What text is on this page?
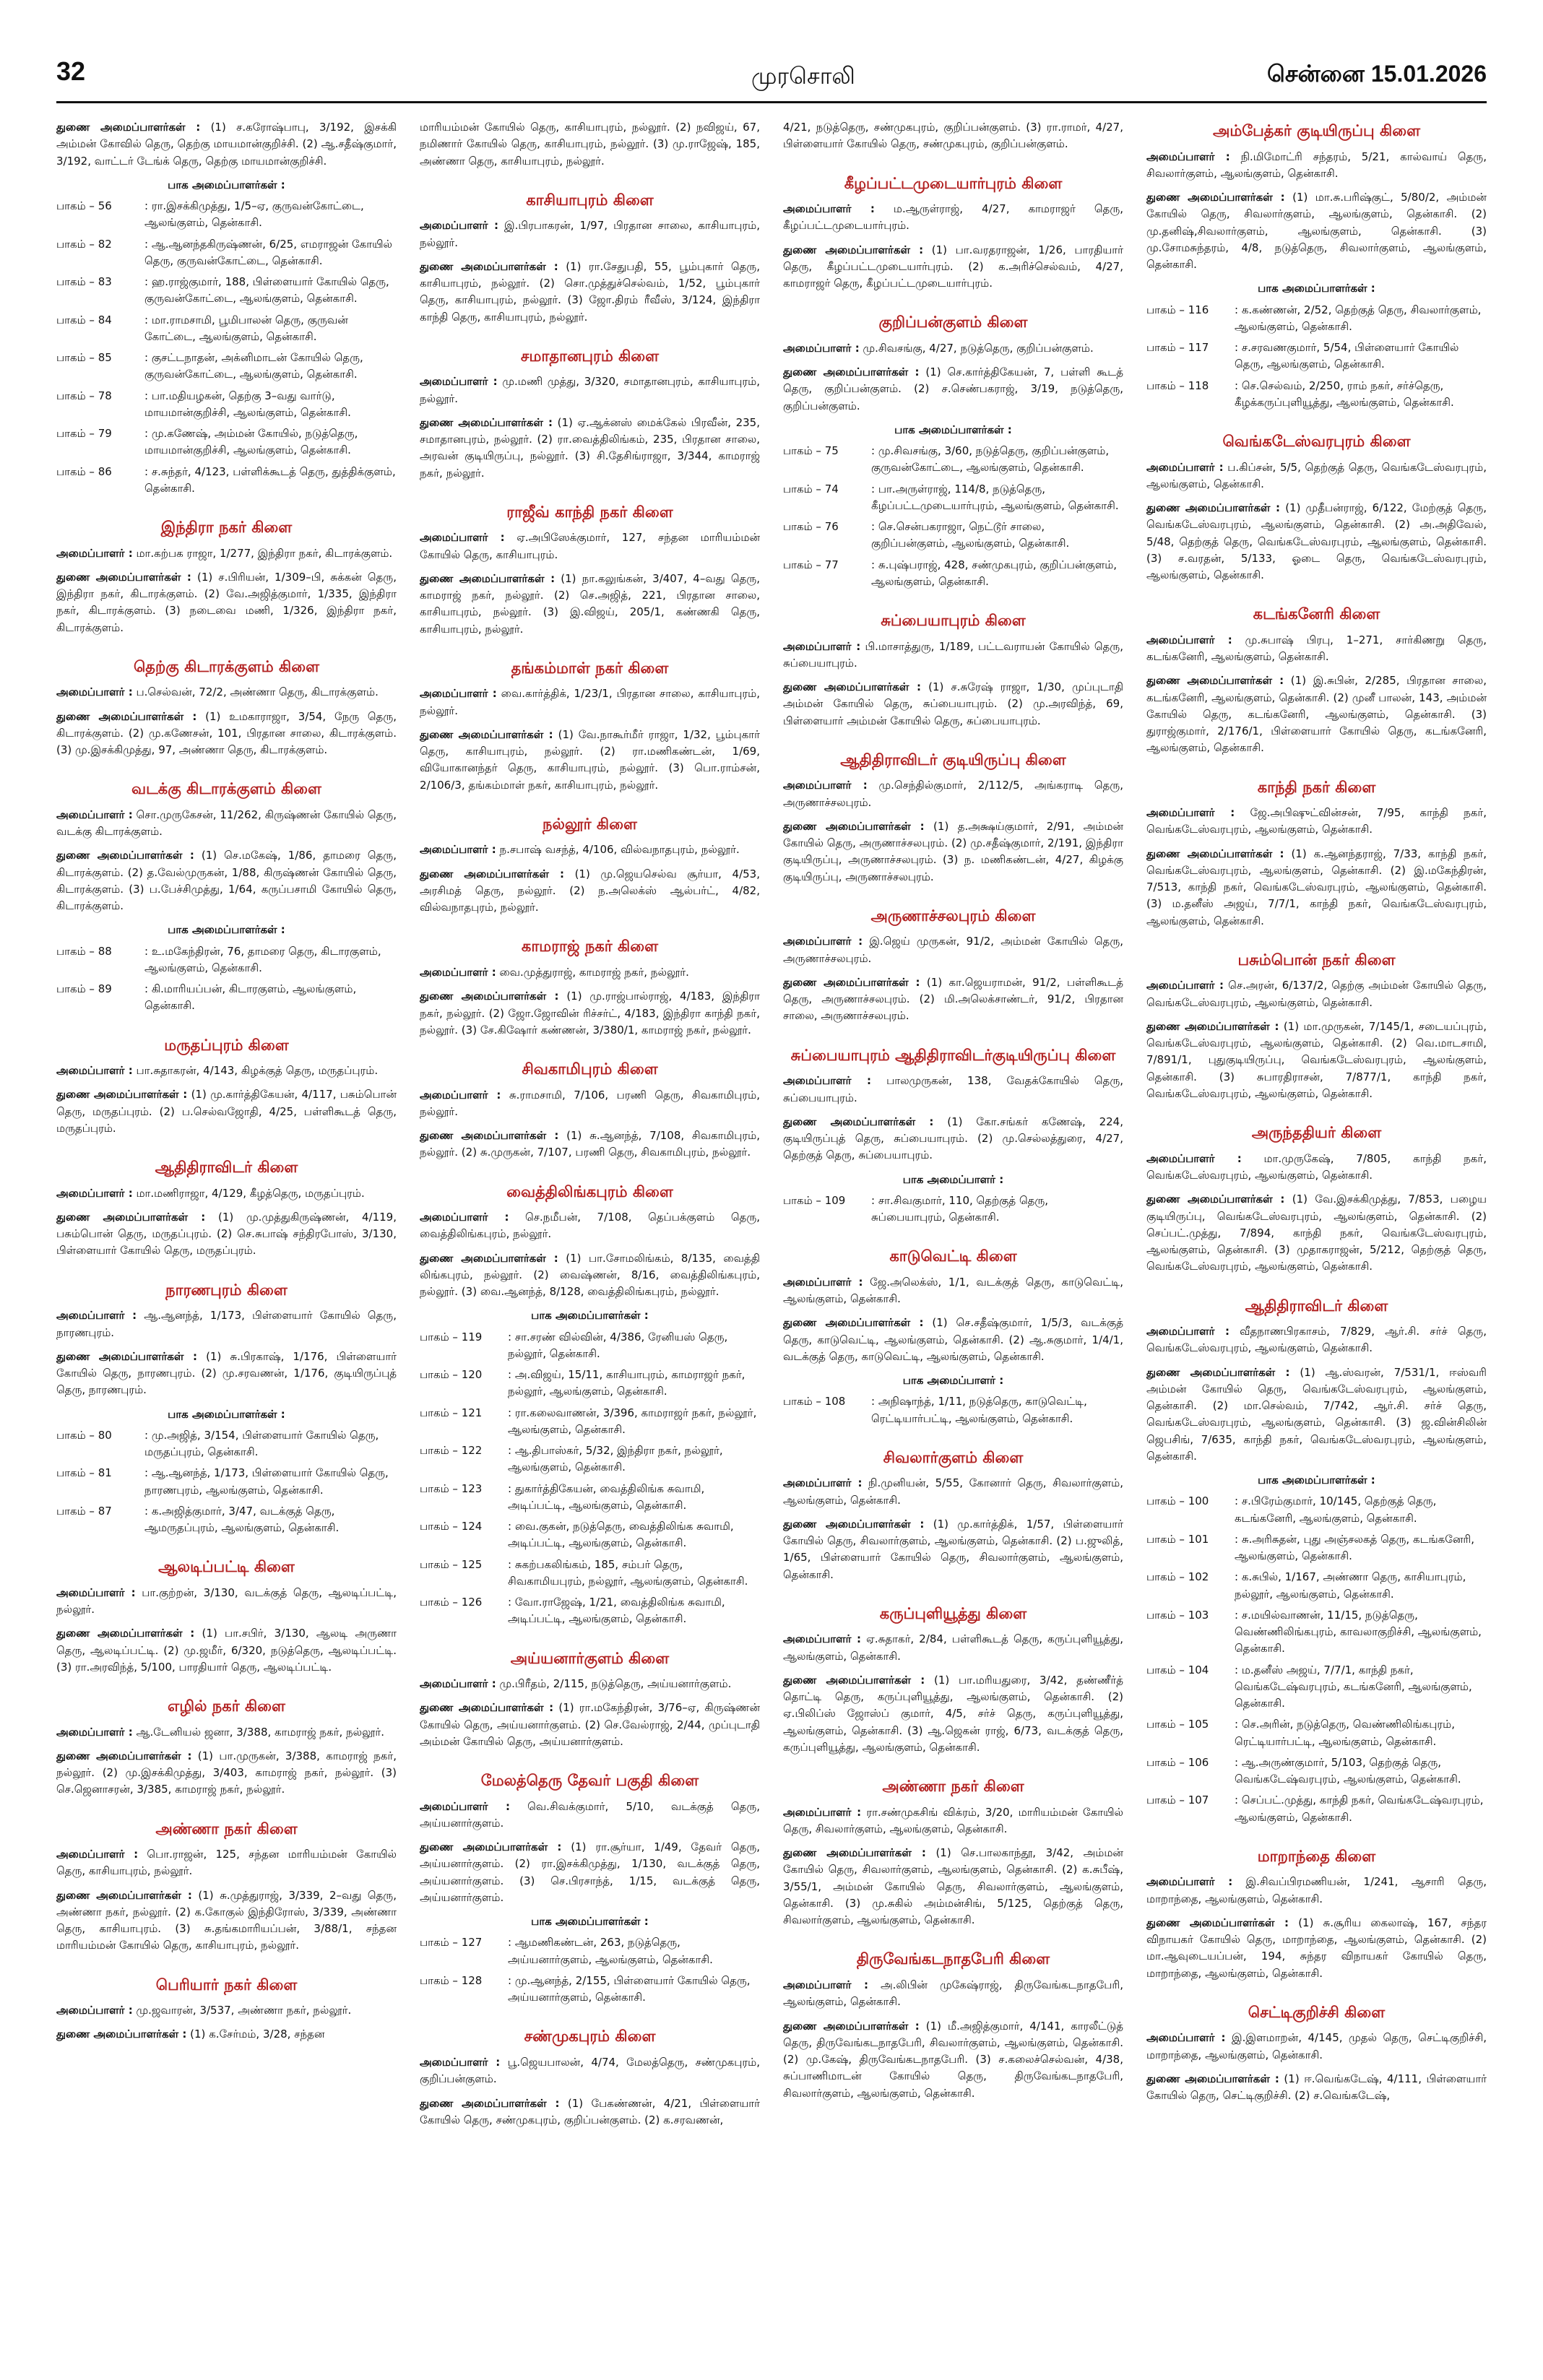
32	முரசொலி	சென்னை 15.01.2026
துணை அமைப்பாளர்கள் : (1) ச.கரோஷ்பாபு, 3/192, இசக்கி அம்மன் கோவில் தெரு, தெற்கு மாயமான்குறிச்சி. (2) ஆ.சதீஷ்குமார், 3/192, வாட்டர் டேங்க் தெரு, தெற்கு மாயமான்குறிச்சி.
பாக அமைப்பாளர்கள் :
பாகம் – 56	: ரா.இசக்கிமுத்து, 1/5–ஏ, குருவன்கோட்டை, ஆலங்குளம், தென்காசி.
பாகம் – 82	: ஆ.ஆனந்தகிருஷ்ணன், 6/25, எமராஜன் கோயில் தெரு, குருவன்கோட்டை, தென்காசி.
பாகம் – 83	: ஹ.ராஜ்குமார், 188, பிள்ளையார் கோயில் தெரு, குருவன்கோட்டை, ஆலங்குளம், தென்காசி.
பாகம் – 84	: மா.ராமசாமி, பூமிபாலன் தெரு, குருவன் கோட்டை, ஆலங்குளம், தென்காசி.
பாகம் – 85	: குசட்டநாதன், அக்னிமாடன் கோயில் தெரு, குருவன்கோட்டை, ஆலங்குளம், தென்காசி.
பாகம் – 78	: பா.மதியழகன், தெற்கு 3–வது வார்டு, மாயமான்குறிச்சி, ஆலங்குளம், தென்காசி.
பாகம் – 79	: மு.கணேஷ், அம்மன் கோயில், நடுத்தெரு, மாயமான்குறிச்சி, ஆலங்குளம், தென்காசி.
பாகம் – 86	: ச.சுந்தர், 4/123, பள்ளிக்கூடத் தெரு, துத்திக்குளம், தென்காசி.
இந்திரா நகர் கிளை
அமைப்பாளர் : மா.கற்பக ராஜா, 1/277, இந்திரா நகர், கிடாரக்குளம்.
துணை அமைப்பாளர்கள் : (1) ச.பிரியன், 1/309–பி, சுக்கன் தெரு, இந்திரா நகர், கிடாரக்குளம். (2) வே.அஜித்குமார், 1/335, இந்திரா நகர், கிடாரக்குளம். (3) நடைவை மணி, 1/326, இந்திரா நகர், கிடாரக்குளம்.
தெற்கு கிடாரக்குளம் கிளை
அமைப்பாளர் : ப.செல்வன், 72/2, அண்ணா தெரு, கிடாரக்குளம்.
துணை அமைப்பாளர்கள் : (1) உமகாராஜா, 3/54, நேரு தெரு, கிடாரக்குளம். (2) மு.கணேசன், 101, பிரதான சாலை, கிடாரக்குளம். (3) மு.இசக்கிமுத்து, 97, அண்ணா தெரு, கிடாரக்குளம்.
வடக்கு கிடாரக்குளம் கிளை
அமைப்பாளர் : சொ.முருகேசன், 11/262, கிருஷ்ணன் கோயில் தெரு, வடக்கு கிடாரக்குளம்.
துணை அமைப்பாளர்கள் : (1) செ.மகேஷ், 1/86, தாமரை தெரு, கிடாரக்குளம். (2) த.வேல்முருகன், 1/88, கிருஷ்ணன் கோயில் தெரு, கிடாரக்குளம். (3) ப.பேச்சிமுத்து, 1/64, கருப்பசாமி கோயில் தெரு, கிடாரக்குளம்.
பாக அமைப்பாளர்கள் :
பாகம் – 88	: உ.மகேந்திரன், 76, தாமரை தெரு, கிடாரகுளம், ஆலங்குளம், தென்காசி.
பாகம் – 89	: கி.மாரியப்பன், கிடாரகுளம், ஆலங்குளம், தென்காசி.
மருதப்புரம் கிளை
அமைப்பாளர் : பா.சுதாகரன், 4/143, கிழக்குத் தெரு, மருதப்புரம்.
துணை அமைப்பாளர்கள் : (1) மு.கார்த்திகேயன், 4/117, பசும்பொன் தெரு, மருதப்புரம். (2) ப.செல்வஜோதி, 4/25, பள்ளிகூடத் தெரு, மருதப்புரம்.
ஆதிதிராவிடர் கிளை
அமைப்பாளர் : மா.மணிராஜா, 4/129, கீழத்தெரு, மருதப்புரம்.
துணை அமைப்பாளர்கள் : (1) மு.முத்துகிருஷ்ணன், 4/119, பசும்பொன் தெரு, மருதப்புரம். (2) செ.சுபாஷ் சந்திரபோஸ், 3/130, பிள்ளையார் கோயில் தெரு, மருதப்புரம்.
நாரணபுரம் கிளை
அமைப்பாளர் : ஆ.ஆனந்த், 1/173, பிள்ளையார் கோயில் தெரு, நாரணபுரம்.
துணை அமைப்பாளர்கள் : (1) சு.பிரகாஷ், 1/176, பிள்ளையார் கோயில் தெரு, நாரணபுரம். (2) மு.சரவணன், 1/176, குடியிருப்புத் தெரு, நாரணபுரம்.
பாக அமைப்பாளர்கள் :
பாகம் – 80	: மு.அஜித், 3/154, பிள்ளையார் கோயில் தெரு, மருதப்புரம், தென்காசி.
பாகம் – 81	: ஆ.ஆனந்த், 1/173, பிள்ளையார் கோயில் தெரு, நாரணபுரம், ஆலங்குளம், தென்காசி.
பாகம் – 87	: க.அஜித்குமார், 3/47, வடக்குத் தெரு, ஆமருதப்புரம், ஆலங்குளம், தென்காசி.
ஆலடிப்பட்டி கிளை
அமைப்பாளர் : பா.குற்றன், 3/130, வடக்குத் தெரு, ஆலடிப்பட்டி, நல்லூர்.
துணை அமைப்பாளர்கள் : (1) பா.சபிர், 3/130, ஆலடி அருணா தெரு, ஆலடிப்பட்டி. (2) மு.ஜமீர், 6/320, நடுத்தெரு, ஆலடிப்பட்டி. (3) ரா.அரவிந்த், 5/100, பாரதியார் தெரு, ஆலடிப்பட்டி.
எழில் நகர் கிளை
அமைப்பாளர் : ஆ.டேனியல் ஜனா, 3/388, காமராஜ் நகர், நல்லூர்.
துணை அமைப்பாளர்கள் : (1) பா.முருகன், 3/388, காமராஜ் நகர், நல்லூர். (2) மு.இசக்கிமுத்து, 3/403, காமராஜ் நகர், நல்லூர். (3) செ.ஜெனாசரன், 3/385, காமராஜ் நகர், நல்லூர்.
அண்ணா நகர் கிளை
அமைப்பாளர் : பொ.ராஜன், 125, சந்தன மாரியம்மன் கோயில் தெரு, காசியாபுரம், நல்லூர்.
துணை அமைப்பாளர்கள் : (1) சு.முத்துராஜ், 3/339, 2–வது தெரு, அண்ணா நகர், நல்லூர். (2) க.கோகுல் இந்திரோஸ், 3/339, அண்ணா தெரு, காசியாபுரம். (3) சு.தங்கமாரியப்பன், 3/88/1, சந்தன மாரியம்மன் கோயில் தெரு, காசியாபுரம், நல்லூர்.
பெரியார் நகர் கிளை
அமைப்பாளர் : மு.ஜவாரன், 3/537, அண்ணா நகர், நல்லூர்.
துணை அமைப்பாளர்கள் : (1) க.சேர்மம், 3/28, சந்தன
மாரியம்மன் கோயில் தெரு, காசியாபுரம், நல்லூர். (2) நவிஜய், 67, நமிணார் கோயில் தெரு, காசியாபுரம், நல்லூர். (3) மு.ராஜேஷ், 185, அண்ணா தெரு, காசியாபுரம், நல்லூர்.
காசியாபுரம் கிளை
அமைப்பாளர் : இ.பிரபாகரன், 1/97, பிரதான சாலை, காசியாபுரம், நல்லூர்.
துணை அமைப்பாளர்கள் : (1) ரா.சேதுபதி, 55, பூம்புகார் தெரு, காசியாபுரம், நல்லூர். (2) சொ.முத்துச்செல்வம், 1/52, பூம்புகார் தெரு, காசியாபுரம், நல்லூர். (3) ஜோ.திரம் ரீவீஸ், 3/124, இந்திரா காந்தி தெரு, காசியாபுரம், நல்லூர்.
சமாதானபுரம் கிளை
அமைப்பாளர் : மு.மணி முத்து, 3/320, சமாதானபுரம், காசியாபுரம், நல்லூர்.
துணை அமைப்பாளர்கள் : (1) ஏ.ஆக்னஸ் மைக்கேல் பிரவீன், 235, சமாதானபுரம், நல்லூர். (2) ரா.வைத்திலிங்கம், 235, பிரதான சாலை, அரவன் குடியிருப்பு, நல்லூர். (3) சி.தேசிங்ராஜா, 3/344, காமராஜ் நகர், நல்லூர்.
ராஜீவ் காந்தி நகர் கிளை
அமைப்பாளர் : ஏ.அபிஸேக்குமார், 127, சந்தன மாரியம்மன் கோயில் தெரு, காசியாபுரம்.
துணை அமைப்பாளர்கள் : (1) நா.கலுங்கன், 3/407, 4–வது தெரு, காமராஜ் நகர், நல்லூர். (2) செ.அஜித், 221, பிரதான சாலை, காசியாபுரம், நல்லூர். (3) இ.விஜய், 205/1, கண்ணகி தெரு, காசியாபுரம், நல்லூர்.
தங்கம்மாள் நகர் கிளை
அமைப்பாளர் : வை.கார்த்திக், 1/23/1, பிரதான சாலை, காசியாபுரம், நல்லூர்.
துணை அமைப்பாளர்கள் : (1) வே.நாகூர்மீர் ராஜா, 1/32, பூம்புகார் தெரு, காசியாபுரம், நல்லூர். (2) ரா.மணிகண்டன், 1/69, வியோகானந்தர் தெரு, காசியாபுரம், நல்லூர். (3) பொ.ராம்சன், 2/106/3, தங்கம்மாள் நகர், காசியாபுரம், நல்லூர்.
நல்லூர் கிளை
அமைப்பாளர் : ந.சபாஷ் வசந்த், 4/106, வில்வநாதபுரம், நல்லூர்.
துணை அமைப்பாளர்கள் : (1) மு.ஜெயசெல்வ சூர்யா, 4/53, அரசிமத் தெரு, நல்லூர். (2) ந.அலெக்ஸ் ஆல்பர்ட், 4/82, வில்வநாதபுரம், நல்லூர்.
காமராஜ் நகர் கிளை
அமைப்பாளர் : வை.முத்துராஜ், காமராஜ் நகர், நல்லூர்.
துணை அமைப்பாளர்கள் : (1) மு.ராஜ்பால்ராஜ், 4/183, இந்திரா நகர், நல்லூர். (2) ஜோ.ஜோவின் ரிச்சர்ட், 4/183, இந்திரா காந்தி நகர், நல்லூர். (3) சே.கிஷோர் கண்ணன், 3/380/1, காமராஜ் நகர், நல்லூர்.
சிவகாமிபுரம் கிளை
அமைப்பாளர் : சு.ராமசாமி, 7/106, பரணி தெரு, சிவகாமிபுரம், நல்லூர்.
துணை அமைப்பாளர்கள் : (1) சு.ஆனந்த், 7/108, சிவகாமிபுரம், நல்லூர். (2) சு.முருகன், 7/107, பரணி தெரு, சிவகாமிபுரம், நல்லூர்.
வைத்திலிங்கபுரம் கிளை
அமைப்பாளர் : செ.நமீபன், 7/108, தெப்பக்குளம் தெரு, வைத்திலிங்கபுரம், நல்லூர்.
துணை அமைப்பாளர்கள் : (1) பா.சோமலிங்கம், 8/135, வைத்தி லிங்கபுரம், நல்லூர். (2) வைஷ்ணன், 8/16, வைத்திலிங்கபுரம், நல்லூர். (3) வை.ஆனந்த், 8/128, வைத்திலிங்கபுரம், நல்லூர்.
பாக அமைப்பாளர்கள் :
பாகம் – 119	: சா.சரண் வில்வின், 4/386, ரேனியஸ் தெரு, நல்லூர், தென்காசி.
பாகம் – 120	: அ.விஜய், 15/11, காசியாபுரம், காமராஜர் நகர், நல்லூர், ஆலங்குளம், தென்காசி.
பாகம் – 121	: ரா.கலைவாணன், 3/396, காமராஜர் நகர், நல்லூர், ஆலங்குளம், தென்காசி.
பாகம் – 122	: ஆ.திபாஸ்கர், 5/32, இந்திரா நகர், நல்லூர், ஆலங்குளம், தென்காசி.
பாகம் – 123	: துகார்த்திகேயன், வைத்திலிங்க சுவாமி, அடிப்பட்டி, ஆலங்குளம், தென்காசி.
பாகம் – 124	: வை.குகன், நடுத்தெரு, வைத்திலிங்க சுவாமி, அடிப்பட்டி, ஆலங்குளம், தென்காசி.
பாகம் – 125	: சுகற்பகலிங்கம், 185, சம்பர் தெரு, சிவகாமியபுரம், நல்லூர், ஆலங்குளம், தென்காசி.
பாகம் – 126	: வோ.ராஜேஷ், 1/21, வைத்திலிங்க சுவாமி, அடிப்பட்டி, ஆலங்குளம், தென்காசி.
அய்யனார்குளம் கிளை
அமைப்பாளர் : மு.பிரீதம், 2/115, நடுத்தெரு, அய்யனார்குளம்.
துணை அமைப்பாளர்கள் : (1) ரா.மகேந்திரன், 3/76–ஏ, கிருஷ்ணன் கோயில் தெரு, அய்யனார்குளம். (2) செ.வேல்ராஜ், 2/44, முப்புடாதி அம்மன் கோயில் தெரு, அய்யனார்குளம்.
மேலத்தெரு தேவர் பகுதி கிளை
அமைப்பாளர் : வெ.சிவக்குமார், 5/10, வடக்குத் தெரு, அய்யனார்குளம்.
துணை அமைப்பாளர்கள் : (1) ரா.சூர்யா, 1/49, தேவர் தெரு, அய்யனார்குளம். (2) ரா.இசக்கிமுத்து, 1/130, வடக்குத் தெரு, அய்யனார்குளம். (3) செ.பிரசாந்த், 1/15, வடக்குத் தெரு, அய்யனார்குளம்.
பாக அமைப்பாளர்கள் :
பாகம் – 127	: ஆமணிகண்டன், 263, நடுத்தெரு, அய்யனார்குளம், ஆலங்குளம், தென்காசி.
பாகம் – 128	: மு.ஆனந்த், 2/155, பிள்ளையார் கோயில் தெரு, அய்யனார்குளம், தென்காசி.
சண்முகபுரம் கிளை
அமைப்பாளர் : பூ.ஜெயபாலன், 4/74, மேலத்தெரு, சண்முகபுரம், குறிப்பன்குளம்.
துணை அமைப்பாளர்கள் : (1) பேகண்ணன், 4/21, பிள்ளையார் கோயில் தெரு, சண்முகபுரம், குறிப்பன்குளம். (2) க.சரவணன்,
4/21, நடுத்தெரு, சண்முகபுரம், குறிப்பன்குளம். (3) ரா.ராமர், 4/27, பிள்ளையார் கோயில் தெரு, சண்முகபுரம், குறிப்பன்குளம்.
கீழப்பட்டமுடையார்புரம் கிளை
அமைப்பாளர் : ம.ஆருள்ராஜ், 4/27, காமராஜர் தெரு, கீழப்பட்டமுடையார்புரம்.
துணை அமைப்பாளர்கள் : (1) பா.வரதராஜன், 1/26, பாரதியார் தெரு, கீழப்பட்டமுடையார்புரம். (2) க.அரிச்செல்வம், 4/27, காமராஜர் தெரு, கீழப்பட்டமுடையார்புரம்.
குறிப்பன்குளம் கிளை
அமைப்பாளர் : மு.சிவசங்கு, 4/27, நடுத்தெரு, குறிப்பன்குளம்.
துணை அமைப்பாளர்கள் : (1) செ.கார்த்திகேயன், 7, பள்ளி கூடத் தெரு, குறிப்பன்குளம். (2) ச.செண்பகராஜ், 3/19, நடுத்தெரு, குறிப்பன்குளம்.
பாக அமைப்பாளர்கள் :
பாகம் – 75	: மு.சிவசங்கு, 3/60, நடுத்தெரு, குறிப்பன்குளம், குருவன்கோட்டை, ஆலங்குளம், தென்காசி.
பாகம் – 74	: பா.அருள்ராஜ், 114/8, நடுத்தெரு, கீழப்பட்டமுடையார்புரம், ஆலங்குளம், தென்காசி.
பாகம் – 76	: செ.சென்பகராஜா, நெட்டூர் சாலை, குறிப்பன்குளம், ஆலங்குளம், தென்காசி.
பாகம் – 77	: சு.புஷ்பராஜ், 428, சண்முகபுரம், குறிப்பன்குளம், ஆலங்குளம், தென்காசி.
சுப்பையாபுரம் கிளை
அமைப்பாளர் : பி.மாசாத்துரு, 1/189, பட்டவராயன் கோயில் தெரு, சுப்பையாபுரம்.
துணை அமைப்பாளர்கள் : (1) ச.சுரேஷ் ராஜா, 1/30, முப்புடாதி அம்மன் கோயில் தெரு, சுப்பையாபுரம். (2) மு.அரவிந்த், 69, பிள்ளையார் அம்மன் கோயில் தெரு, சுப்பையாபுரம்.
ஆதிதிராவிடர் குடியிருப்பு கிளை
அமைப்பாளர் : மு.செந்தில்குமார், 2/112/5, அங்கராடி தெரு, அருணாச்சலபுரம்.
துணை அமைப்பாளர்கள் : (1) த.அக்ஷய்குமார், 2/91, அம்மன் கோயில் தெரு, அருணாச்சலபுரம். (2) மு.சதீஷ்குமார், 2/191, இந்திரா குடியிருப்பு, அருணாச்சலபுரம். (3) ந. மணிகண்டன், 4/27, கிழக்கு குடியிருப்பு, அருணாச்சலபுரம்.
அருணாச்சலபுரம் கிளை
அமைப்பாளர் : இ.ஜெய் முருகன், 91/2, அம்மன் கோயில் தெரு, அருணாச்சலபுரம்.
துணை அமைப்பாளர்கள் : (1) கா.ஜெயராமன், 91/2, பள்ளிகூடத் தெரு, அருணாச்சலபுரம். (2) மி.அலெக்சாண்டர், 91/2, பிரதான சாலை, அருணாச்சலபுரம்.
சுப்பையாபுரம் ஆதிதிராவிடர்குடியிருப்பு கிளை
அமைப்பாளர் : பாலமுருகன், 138, வேதக்கோயில் தெரு, சுப்பையாபுரம்.
துணை அமைப்பாளர்கள் : (1) கோ.சங்கர் கணேஷ், 224, குடியிருப்புத் தெரு, சுப்பையாபுரம். (2) மு.செல்லத்துரை, 4/27, தெற்குத் தெரு, சுப்பையாபுரம்.
பாக அமைப்பாளர் :
பாகம் – 109	: சா.சிவகுமார், 110, தெற்குத் தெரு, சுப்பையாபுரம், தென்காசி.
காடுவெட்டி கிளை
அமைப்பாளர் : ஜே.அலெக்ஸ், 1/1, வடக்குத் தெரு, காடுவெட்டி, ஆலங்குளம், தென்காசி.
துணை அமைப்பாளர்கள் : (1) செ.சதீஷ்குமார், 1/5/3, வடக்குத் தெரு, காடுவெட்டி, ஆலங்குளம், தென்காசி. (2) ஆ.சுகுமார், 1/4/1, வடக்குத் தெரு, காடுவெட்டி, ஆலங்குளம், தென்காசி.
பாக அமைப்பாளர் :
பாகம் – 108	: அநிஷாந்த், 1/11, நடுத்தெரு, காடுவெட்டி, ரெட்டியார்பட்டி, ஆலங்குளம், தென்காசி.
சிவலார்குளம் கிளை
அமைப்பாளர் : நி.முனியன், 5/55, கோனார் தெரு, சிவலார்குளம், ஆலங்குளம், தென்காசி.
துணை அமைப்பாளர்கள் : (1) மு.கார்த்திக், 1/57, பிள்ளையார் கோயில் தெரு, சிவலார்குளம், ஆலங்குளம், தென்காசி. (2) ப.ஜுலித், 1/65, பிள்ளையார் கோயில் தெரு, சிவலார்குளம், ஆலங்குளம், தென்காசி.
கருப்புளியூத்து கிளை
அமைப்பாளர் : ஏ.சுதாகர், 2/84, பள்ளிகூடத் தெரு, கருப்புளியூத்து, ஆலங்குளம், தென்காசி.
துணை அமைப்பாளர்கள் : (1) பா.மரியதுரை, 3/42, தண்ணீர்த் தொட்டி தெரு, கருப்புளியூத்து, ஆலங்குளம், தென்காசி. (2) ஏ.பிலிப்ஸ் ஜோஸ்ப் குமார், 4/5, சர்ச் தெரு, கருப்புளியூத்து, ஆலங்குளம், தென்காசி. (3) ஆ.ஜெகன் ராஜ், 6/73, வடக்குத் தெரு, கருப்புளியூத்து, ஆலங்குளம், தென்காசி.
அண்ணா நகர் கிளை
அமைப்பாளர் : ரா.சண்முகசிங் விக்ரம், 3/20, மாரியம்மன் கோயில் தெரு, சிவலார்குளம், ஆலங்குளம், தென்காசி.
துணை அமைப்பாளர்கள் : (1) செ.பாலகாந்தூ, 3/42, அம்மன் கோயில் தெரு, சிவலார்குளம், ஆலங்குளம், தென்காசி. (2) க.சுபீஷ், 3/55/1, அம்மன் கோயில் தெரு, சிவலார்குளம், ஆலங்குளம், தென்காசி. (3) மு.சுகில் அம்மன்சிங், 5/125, தெற்குத் தெரு, சிவலார்குளம், ஆலங்குளம், தென்காசி.
திருவேங்கடநாதபேரி கிளை
அமைப்பாளர் : அ.லிபின் முகேஷ்ராஜ், திருவேங்கடநாதபேரி, ஆலங்குளம், தென்காசி.
துணை அமைப்பாளர்கள் : (1) மீ.அஜித்குமார், 4/141, காரலீட்டுத் தெரு, திருவேங்கடநாதபேரி, சிவலார்குளம், ஆலங்குளம், தென்காசி. (2) மு.கேஷ், திருவேங்கடநாதபேரி. (3) ச.கலைச்செல்வன், 4/38, சுப்பாணிமாடன் கோயில் தெரு, திருவேங்கடநாதபேரி, சிவலார்குளம், ஆலங்குளம், தென்காசி.
அம்பேத்கர் குடியிருப்பு கிளை
அமைப்பாளர் : நி.மிமோட்ரி சந்தரம், 5/21, கால்வாய் தெரு, சிவலார்குளம், ஆலங்குளம், தென்காசி.
துணை அமைப்பாளர்கள் : (1) மா.சு.பரிஷ்குட், 5/80/2, அம்மன் கோயில் தெரு, சிவலார்குளம், ஆலங்குளம், தென்காசி. (2) மு.தனிஷ்,சிவலார்குளம், ஆலங்குளம், தென்காசி. (3) மு.சோமசுந்தரம், 4/8, நடுத்தெரு, சிவலார்குளம், ஆலங்குளம், தென்காசி.
பாக அமைப்பாளர்கள் :
பாகம் – 116	: க.கண்ணன், 2/52, தெற்குத் தெரு, சிவலார்குளம், ஆலங்குளம், தென்காசி.
பாகம் – 117	: ச.சரவணகுமார், 5/54, பிள்ளையார் கோயில் தெரு, ஆலங்குளம், தென்காசி.
பாகம் – 118	: செ.செல்வம், 2/250, ராம் நகர், சர்ச்தெரு, கீழக்கருப்புளியூத்து, ஆலங்குளம், தென்காசி.
வெங்கடேஸ்வரபுரம் கிளை
அமைப்பாளர் : ப.கிப்சன், 5/5, தெற்குத் தெரு, வெங்கடேஸ்வரபுரம், ஆலங்குளம், தென்காசி.
துணை அமைப்பாளர்கள் : (1) முதீபன்ராஜ், 6/122, மேற்குத் தெரு, வெங்கடேஸ்வரபுரம், ஆலங்குளம், தென்காசி. (2) அ.அதிவேல், 5/48, தெற்குத் தெரு, வெங்கடேஸ்வரபுரம், ஆலங்குளம், தென்காசி. (3) ச.வரதன், 5/133, ஓடை தெரு, வெங்கடேஸ்வரபுரம், ஆலங்குளம், தென்காசி.
கடங்கனேரி கிளை
அமைப்பாளர் : மு.சுபாஷ் பிரபு, 1–271, சார்கிணறு தெரு, கடங்கனேரி, ஆலங்குளம், தென்காசி.
துணை அமைப்பாளர்கள் : (1) இ.சுபின், 2/285, பிரதான சாலை, கடங்கனேரி, ஆலங்குளம், தென்காசி. (2) முனீ பாலன், 143, அம்மன் கோயில் தெரு, கடங்கனேரி, ஆலங்குளம், தென்காசி. (3) துராஜ்குமார், 2/176/1, பிள்ளையார் கோயில் தெரு, கடங்கனேரி, ஆலங்குளம், தென்காசி.
காந்தி நகர் கிளை
அமைப்பாளர் : ஜே.அபிஷுட்வின்சன், 7/95, காந்தி நகர், வெங்கடேஸ்வரபுரம், ஆலங்குளம், தென்காசி.
துணை அமைப்பாளர்கள் : (1) க.ஆனந்தராஜ், 7/33, காந்தி நகர், வெங்கடேஸ்வரபுரம், ஆலங்குளம், தென்காசி. (2) இ.மகேந்திரன், 7/513, காந்தி நகர், வெங்கடேஸ்வரபுரம், ஆலங்குளம், தென்காசி. (3) ம.தனீஸ் அஜய், 7/7/1, காந்தி நகர், வெங்கடேஸ்வரபுரம், ஆலங்குளம், தென்காசி.
பசும்பொன் நகர் கிளை
அமைப்பாளர் : செ.அரன், 6/137/2, தெற்கு அம்மன் கோயில் தெரு, வெங்கடேஸ்வரபுரம், ஆலங்குளம், தென்காசி.
துணை அமைப்பாளர்கள் : (1) மா.முருகன், 7/145/1, சடையப்புரம், வெங்கடேஸ்வரபுரம், ஆலங்குளம், தென்காசி. (2) வெ.மாடசாமி, 7/891/1, புதுகுடியிருப்பு, வெங்கடேஸ்வரபுரம், ஆலங்குளம், தென்காசி. (3) சுபாரதிராசன், 7/877/1, காந்தி நகர், வெங்கடேஸ்வரபுரம், ஆலங்குளம், தென்காசி.
அருந்ததியர் கிளை
அமைப்பாளர் : மா.முருகேஷ், 7/805, காந்தி நகர், வெங்கடேஸ்வரபுரம், ஆலங்குளம், தென்காசி.
துணை அமைப்பாளர்கள் : (1) வே.இசக்கிமுத்து, 7/853, பழைய குடியிருப்பு, வெங்கடேஸ்வரபுரம், ஆலங்குளம், தென்காசி. (2) செப்பட்.முத்து, 7/894, காந்தி நகர், வெங்கடேஸ்வரபுரம், ஆலங்குளம், தென்காசி. (3) முதாகராஜன், 5/212, தெற்குத் தெரு, வெங்கடேஸ்வரபுரம், ஆலங்குளம், தென்காசி.
ஆதிதிராவிடர் கிளை
அமைப்பாளர் : வீதநாணபிரகாசம், 7/829, ஆர்.சி. சர்ச் தெரு, வெங்கடேஸ்வரபுரம், ஆலங்குளம், தென்காசி.
துணை அமைப்பாளர்கள் : (1) ஆ.ஸ்வரன், 7/531/1, ஈஸ்வரி அம்மன் கோயில் தெரு, வெங்கடேஸ்வரபுரம், ஆலங்குளம், தென்காசி. (2) மா.செல்வம், 7/742, ஆர்.சி. சர்ச் தெரு, வெங்கடேஸ்வரபுரம், ஆலங்குளம், தென்காசி. (3) ஜ.வின்சிலின் ஜெபசிங், 7/635, காந்தி நகர், வெங்கடேஸ்வரபுரம், ஆலங்குளம், தென்காசி.
பாக அமைப்பாளர்கள் :
பாகம் – 100	: ச.பிரேம்குமார், 10/145, தெற்குத் தெரு, கடங்கனேரி, ஆலங்குளம், தென்காசி.
பாகம் – 101	: சு.அரிசுதன், புது அஞ்சலகத் தெரு, கடங்கனேரி, ஆலங்குளம், தென்காசி.
பாகம் – 102	: க.சுபில், 1/167, அண்ணா தெரு, காசியாபுரம், நல்லூர், ஆலங்குளம், தென்காசி.
பாகம் – 103	: ச.மயில்வாணன், 11/15, நடுத்தெரு, வெண்ணிலிங்கபுரம், காவலாகுறிச்சி, ஆலங்குளம், தென்காசி.
பாகம் – 104	: ம.தனீஸ் அஜய், 7/7/1, காந்தி நகர், வெங்கடேஷ்வரபுரம், கடங்கனேரி, ஆலங்குளம், தென்காசி.
பாகம் – 105	: செ.அரின், நடுத்தெரு, வெண்ணிலிங்கபுரம், ரெட்டியார்பட்டி, ஆலங்குளம், தென்காசி.
பாகம் – 106	: ஆ.அருண்குமார், 5/103, தெற்குத் தெரு, வெங்கடேஷ்வரபுரம், ஆலங்குளம், தென்காசி.
பாகம் – 107	: செப்பட்.முத்து, காந்தி நகர், வெங்கடேஷ்வரபுரம், ஆலங்குளம், தென்காசி.
மாறாந்தை கிளை
அமைப்பாளர் : இ.சிவப்பிரமணியன், 1/241, ஆசாரி தெரு, மாறாந்தை, ஆலங்குளம், தென்காசி.
துணை அமைப்பாளர்கள் : (1) சு.சூரிய கைலாஷ், 167, சந்தர விநாயகர் கோயில் தெரு, மாறாந்தை, ஆலங்குளம், தென்காசி. (2) மா.ஆவுடையப்பன், 194, சுந்தர விநாயகர் கோயில் தெரு, மாறாந்தை, ஆலங்குளம், தென்காசி.
செட்டிகுறிச்சி கிளை
அமைப்பாளர் : இ.இளமாறன், 4/145, முதல் தெரு, செட்டிகுறிச்சி, மாறாந்தை, ஆலங்குளம், தென்காசி.
துணை அமைப்பாளர்கள் : (1) ஈ.வெங்கடேஷ், 4/111, பிள்ளையார் கோயில் தெரு, செட்டிகுறிச்சி. (2) ச.வெங்கடேஷ்,
